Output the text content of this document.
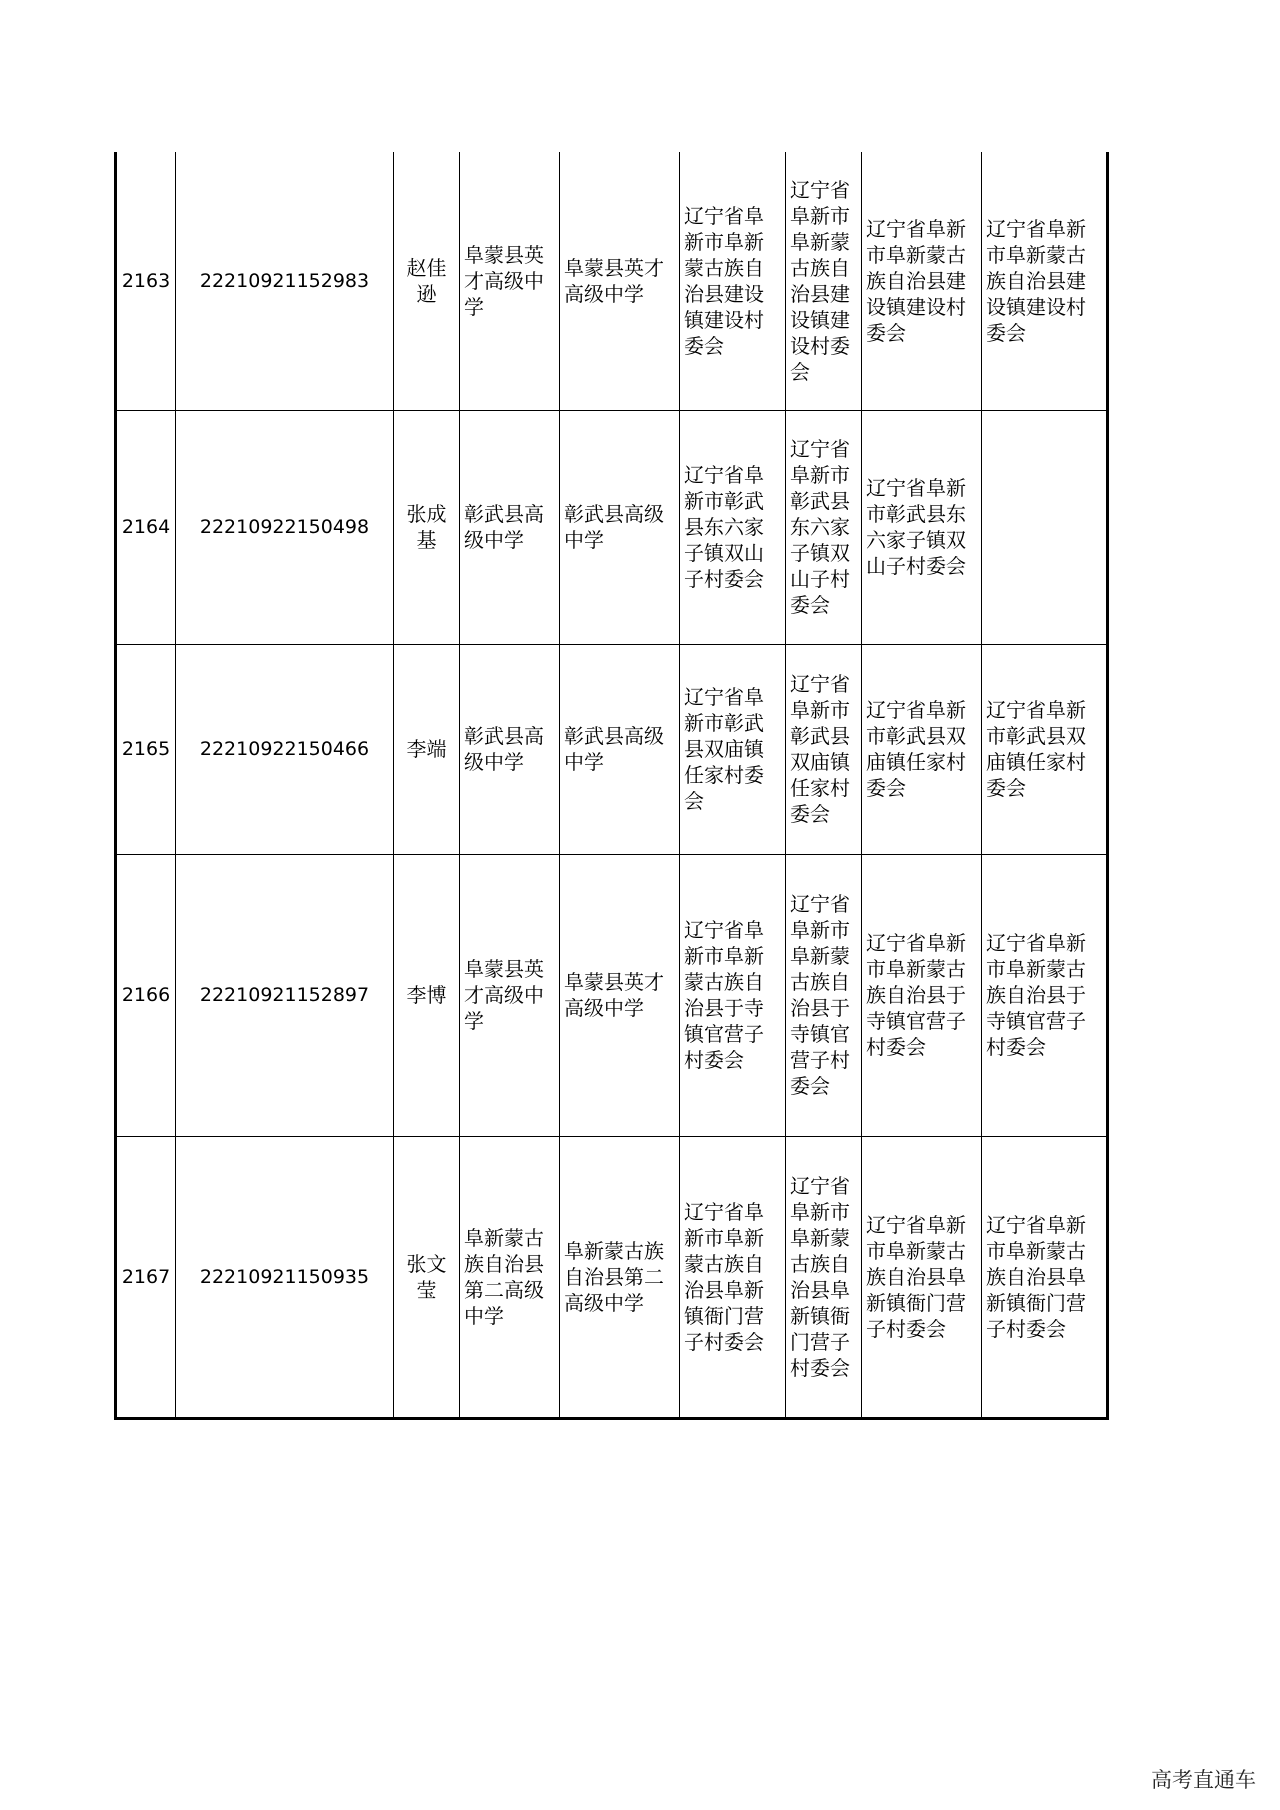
2163	22210921152983	赵佳逊	阜蒙县英才高级中学	阜蒙县英才高级中学	辽宁省阜新市阜新蒙古族自治县建设镇建设村委会	辽宁省阜新市阜新蒙古族自治县建设镇建设村委会	辽宁省阜新市阜新蒙古族自治县建设镇建设村委会	辽宁省阜新市阜新蒙古族自治县建设镇建设村委会
2164	22210922150498	张成基	彰武县高级中学	彰武县高级中学	辽宁省阜新市彰武县东六家子镇双山子村委会	辽宁省阜新市彰武县东六家子镇双山子村委会	辽宁省阜新市彰武县东六家子镇双山子村委会	
2165	22210922150466	李端	彰武县高级中学	彰武县高级中学	辽宁省阜新市彰武县双庙镇任家村委会	辽宁省阜新市彰武县双庙镇任家村委会	辽宁省阜新市彰武县双庙镇任家村委会	辽宁省阜新市彰武县双庙镇任家村委会
2166	22210921152897	李博	阜蒙县英才高级中学	阜蒙县英才高级中学	辽宁省阜新市阜新蒙古族自治县于寺镇官营子村委会	辽宁省阜新市阜新蒙古族自治县于寺镇官营子村委会	辽宁省阜新市阜新蒙古族自治县于寺镇官营子村委会	辽宁省阜新市阜新蒙古族自治县于寺镇官营子村委会
2167	22210921150935	张文莹	阜新蒙古族自治县第二高级中学	阜新蒙古族自治县第二高级中学	辽宁省阜新市阜新蒙古族自治县阜新镇衙门营子村委会	辽宁省阜新市阜新蒙古族自治县阜新镇衙门营子村委会	辽宁省阜新市阜新蒙古族自治县阜新镇衙门营子村委会	辽宁省阜新市阜新蒙古族自治县阜新镇衙门营子村委会
高考直通车
